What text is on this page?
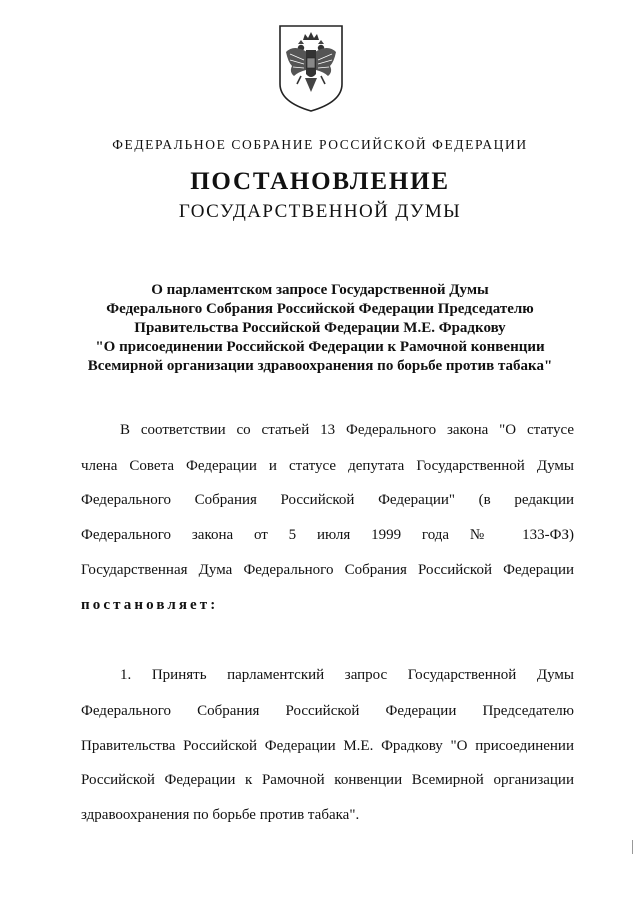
ФЕДЕРАЛЬНОЕ СОБРАНИЕ РОССИЙСКОЙ ФЕДЕРАЦИИ
ПОСТАНОВЛЕНИЕ
ГОСУДАРСТВЕННОЙ ДУМЫ
О парламентском запросе Государственной Думы
Федерального Собрания Российской Федерации Председателю
Правительства Российской Федерации М.Е. Фрадкову
"О присоединении Российской Федерации к Рамочной конвенции
Всемирной организации здравоохранения по борьбе против табака"
В соответствии со статьей 13 Федерального закона "О статусе
члена Совета Федерации и статусе депутата Государственной Думы
Федерального Собрания Российской Федерации" (в редакции
Федерального закона от 5 июля 1999 года № 133-ФЗ)
Государственная Дума Федерального Собрания Российской Федерации
постановляет:
1. Принять парламентский запрос Государственной Думы
Федерального Собрания Российской Федерации Председателю
Правительства Российской Федерации М.Е. Фрадкову "О присоединении
Российской Федерации к Рамочной конвенции Всемирной организации
здравоохранения по борьбе против табака".
